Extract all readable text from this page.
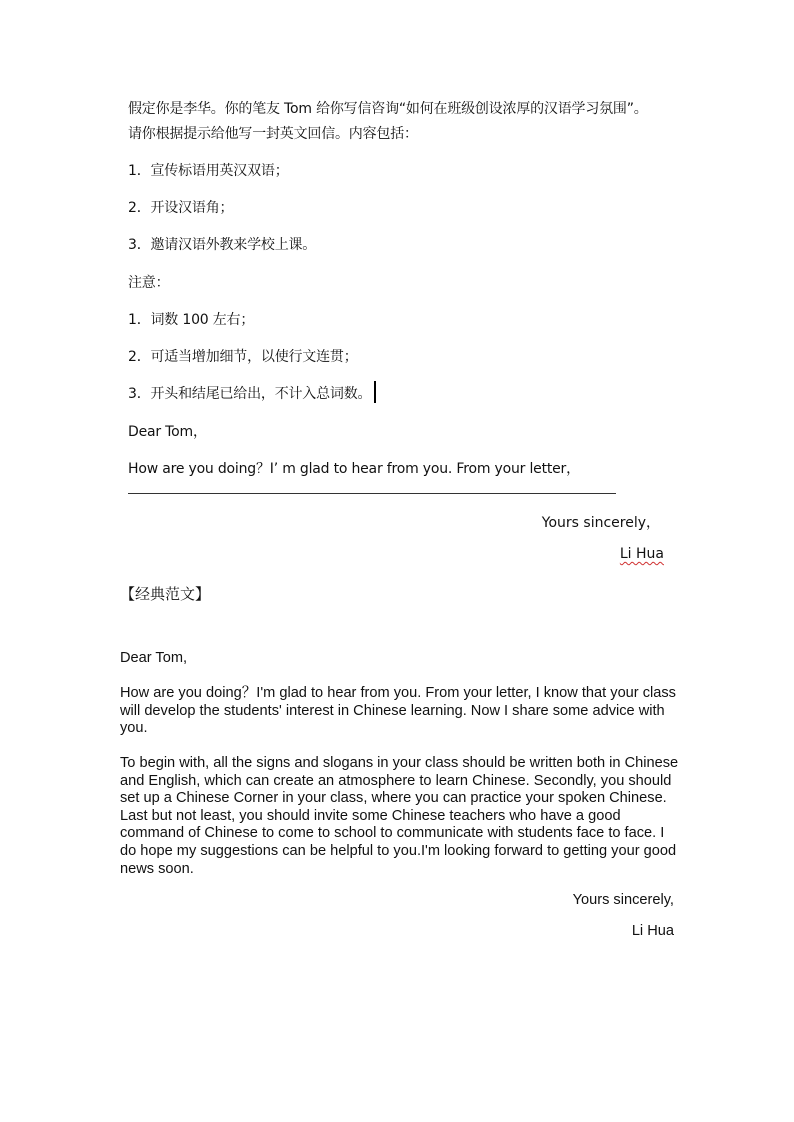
假定你是李华。你的笔友 Tom 给你写信咨询“如何在班级创设浓厚的汉语学习氛围”。
请你根据提示给他写一封英文回信。内容包括：
1．宣传标语用英汉双语；
2．开设汉语角；
3．邀请汉语外教来学校上课。
注意：
1．词数 100 左右；
2．可适当增加细节，以使行文连贯；
3．开头和结尾已给出，不计入总词数。
Dear Tom，
How are you doing？I’ m glad to hear from you. From your letter，
Yours sincerely，
Li Hua
【经典范文】
Dear Tom,
How are you doing？I'm glad to hear from you. From your letter, I know that your class will develop the students' interest in Chinese learning. Now I share some advice with you.
To begin with, all the signs and slogans in your class should be written both in Chinese and English, which can create an atmosphere to learn Chinese. Secondly, you should set up a Chinese Corner in your class, where you can practice your spoken Chinese. Last but not least, you should invite some Chinese teachers who have a good command of Chinese to come to school to communicate with students face to face. I do hope my suggestions can be helpful to you.I'm looking forward to getting your good news soon.
Yours sincerely,
Li Hua
